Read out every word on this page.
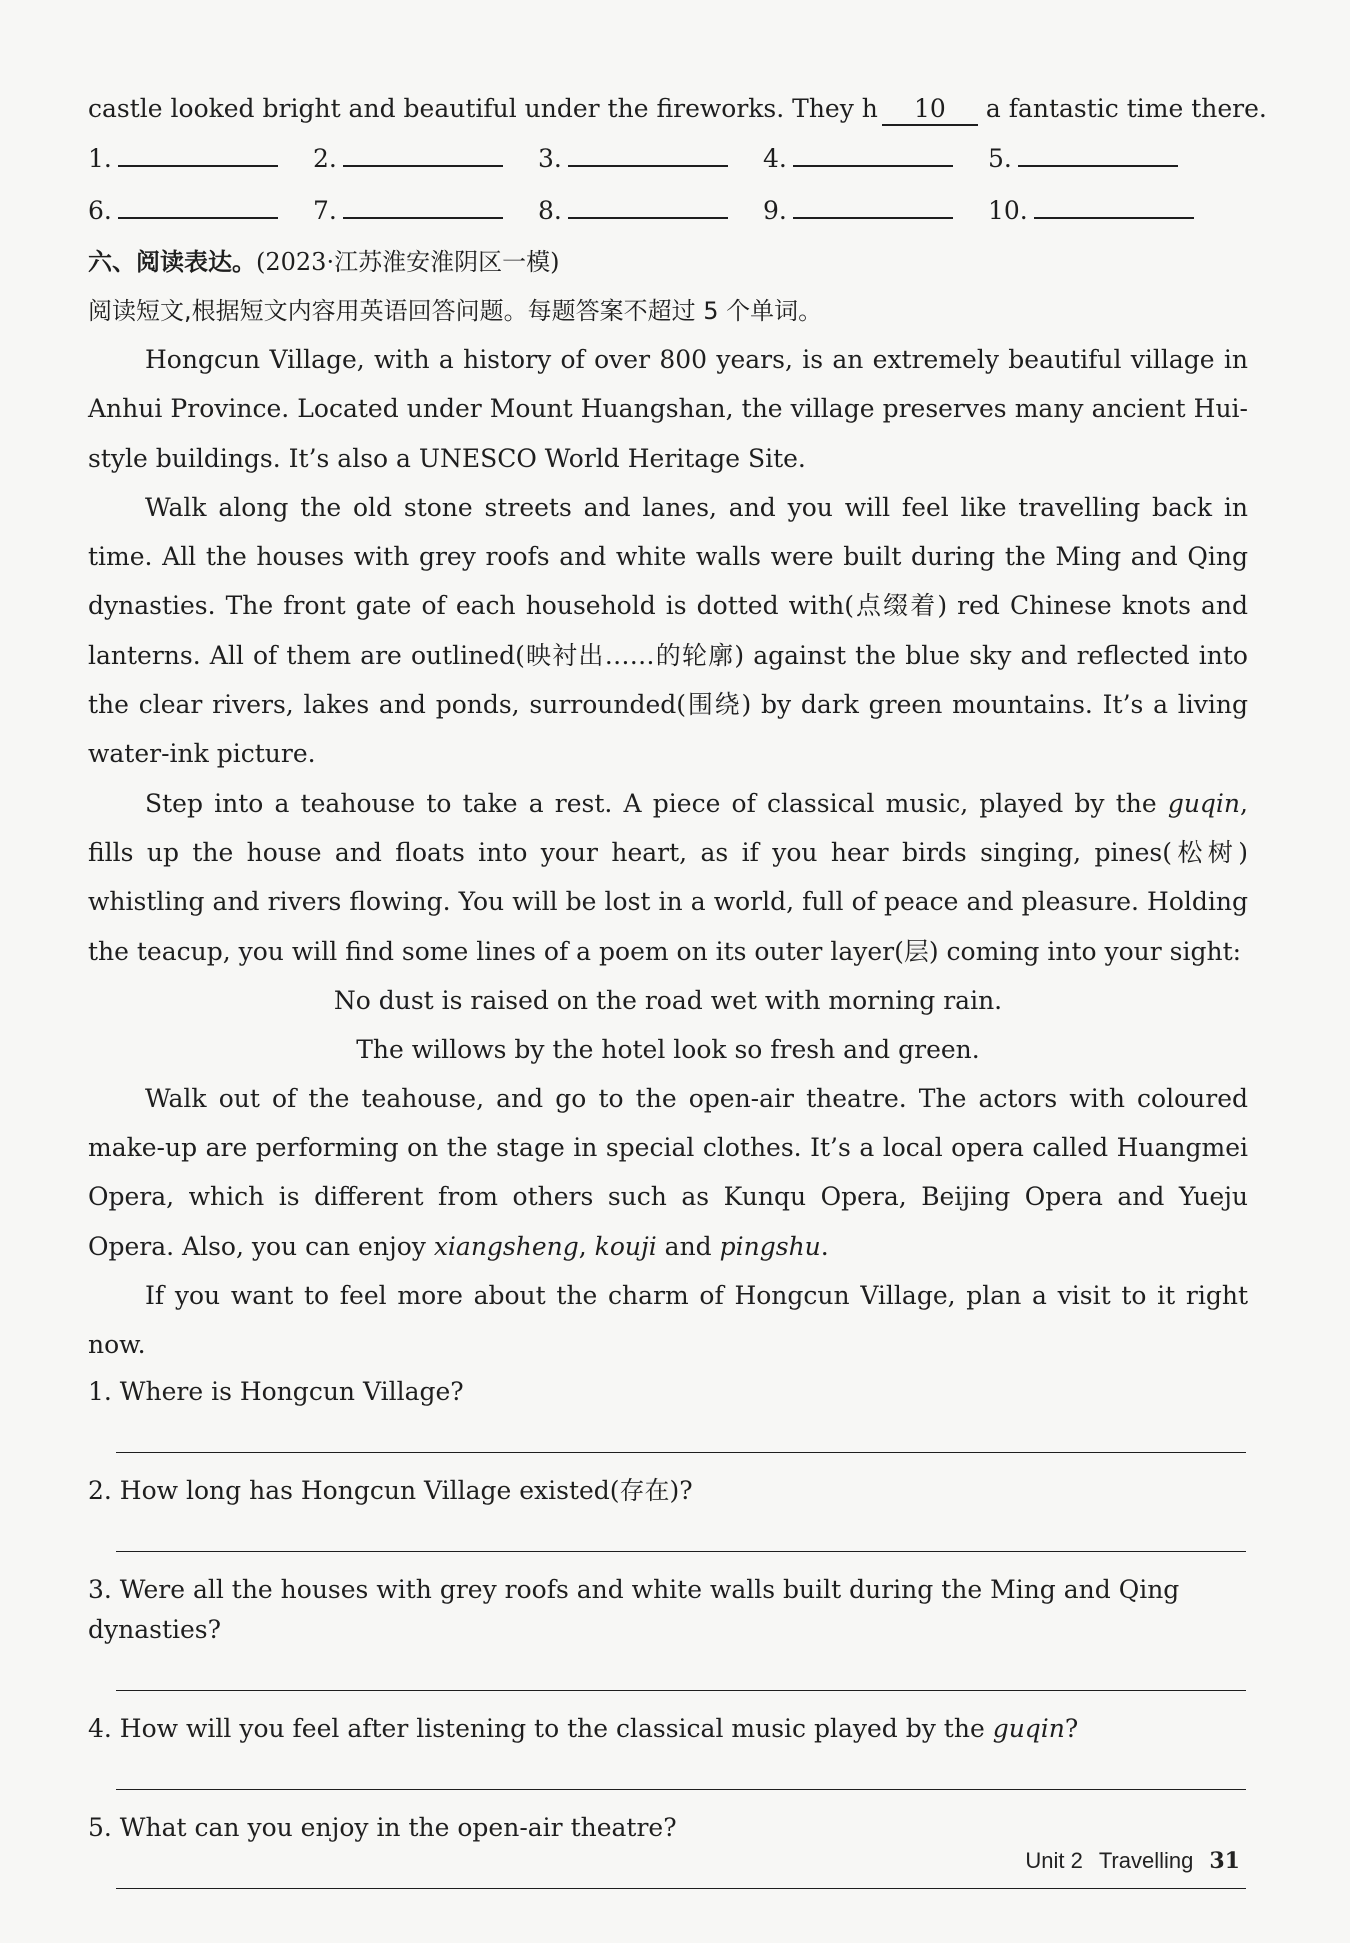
castle looked bright and beautiful under the fireworks. They h 10 a fantastic time there.
1.	2.	3.	4.	5.
6.	7.	8.	9.	10.
六、阅读表达。(2023·江苏淮安淮阴区一模)
阅读短文,根据短文内容用英语回答问题。每题答案不超过 5 个单词。

Hongcun Village, with a history of over 800 years, is an extremely beautiful village in Anhui Province. Located under Mount Huangshan, the village preserves many ancient Hui-style buildings. It’s also a UNESCO World Heritage Site.

Walk along the old stone streets and lanes, and you will feel like travelling back in time. All the houses with grey roofs and white walls were built during the Ming and Qing dynasties. The front gate of each household is dotted with(点缀着) red Chinese knots and lanterns. All of them are outlined(映衬出……的轮廓) against the blue sky and reflected into the clear rivers, lakes and ponds, surrounded(围绕) by dark green mountains. It’s a living water-ink picture.

Step into a teahouse to take a rest. A piece of classical music, played by the guqin, fills up the house and floats into your heart, as if you hear birds singing, pines(松树) whistling and rivers flowing. You will be lost in a world, full of peace and pleasure. Holding the teacup, you will find some lines of a poem on its outer layer(层) coming into your sight:

No dust is raised on the road wet with morning rain.
The willows by the hotel look so fresh and green.

Walk out of the teahouse, and go to the open-air theatre. The actors with coloured make-up are performing on the stage in special clothes. It’s a local opera called Huangmei Opera, which is different from others such as Kunqu Opera, Beijing Opera and Yueju Opera. Also, you can enjoy xiangsheng, kouji and pingshu.

If you want to feel more about the charm of Hongcun Village, plan a visit to it right now.

1. Where is Hongcun Village?
2. How long has Hongcun Village existed(存在)?
3. Were all the houses with grey roofs and white walls built during the Ming and Qing dynasties?
4. How will you feel after listening to the classical music played by the guqin?
5. What can you enjoy in the open-air theatre?
Unit 2 Travelling 31
